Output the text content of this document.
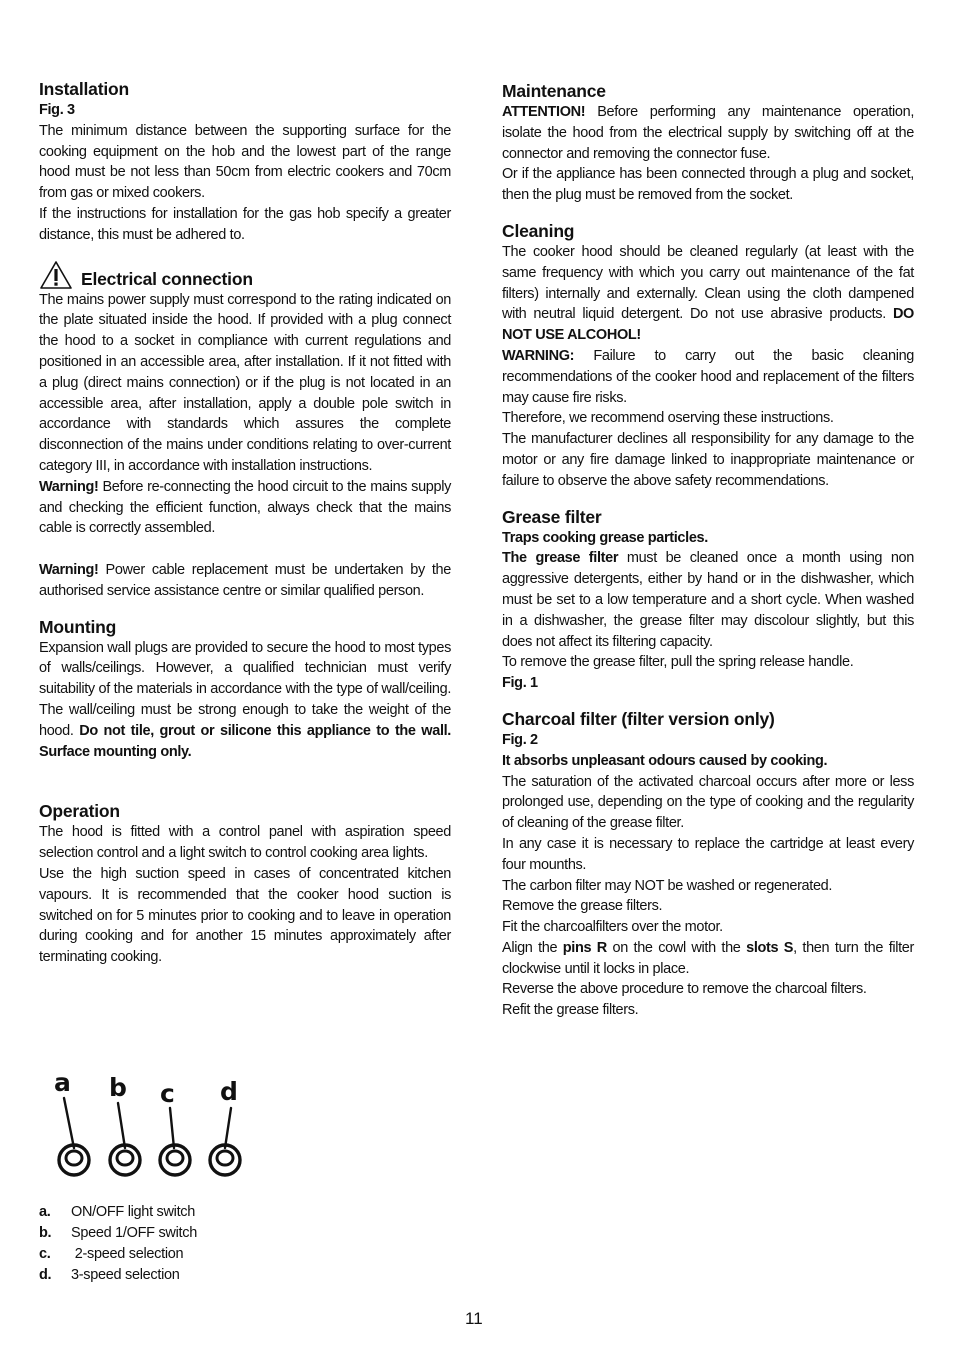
Installation
Fig. 3

The minimum distance between the supporting surface for the cooking equipment on the hob and the lowest part of the range hood must be not less than 50cm from electric cookers and 70cm from gas or mixed cookers.

If the instructions for installation for the gas hob specify a greater distance, this must be adhered to.

Electrical connection

The mains power supply must correspond to the rating indicated on the plate situated inside the hood. If provided with a plug connect the hood to a socket in compliance with current regulations and positioned in an accessible area, after installation. If it not fitted with a plug (direct mains connection) or if the plug is not located in an accessible area, after installation, apply a double pole switch in accordance with standards which assures the complete disconnection of the mains under conditions relating to over-current category III, in accordance with installation instructions.

Warning! Before re-connecting the hood circuit to the mains supply and checking the efficient function, always check that the mains cable is correctly assembled.

Warning! Power cable replacement must be undertaken by the authorised service assistance centre or similar qualified person.

Mounting

Expansion wall plugs are provided to secure the hood to most types of walls/ceilings. However, a qualified technician must verify suitability of the materials in accordance with the type of wall/ceiling. The wall/ceiling must be strong enough to take the weight of the hood. Do not tile, grout or silicone this appliance to the wall. Surface mounting only.

Operation

The hood is fitted with a control panel with aspiration speed selection control and a light switch to control cooking area lights.

Use the high suction speed in cases of concentrated kitchen vapours. It is recommended that the cooker hood suction is switched on for 5 minutes prior to cooking and to leave in operation during cooking and for another 15 minutes approximately after terminating cooking.

a b c d
a.	ON/OFF light switch
b.	Speed 1/OFF switch
c.	2-speed selection
d.	3-speed selection
Maintenance

ATTENTION! Before performing any maintenance operation, isolate the hood from the electrical supply by switching off at the connector and removing the connector fuse.

Or if the appliance has been connected through a plug and socket, then the plug must be removed from the socket.

Cleaning

The cooker hood should be cleaned regularly (at least with the same frequency with which you carry out maintenance of the fat filters) internally and externally. Clean using the cloth dampened with neutral liquid detergent. Do not use abrasive products. DO NOT USE ALCOHOL!

WARNING: Failure to carry out the basic cleaning recommendations of the cooker hood and replacement of the filters may cause fire risks.

Therefore, we recommend oserving these instructions.

The manufacturer declines all responsibility for any damage to the motor or any fire damage linked to inappropriate maintenance or failure to observe the above safety recommendations.

Grease filter
Traps cooking grease particles.

The grease filter must be cleaned once a month using non aggressive detergents, either by hand or in the dishwasher, which must be set to a low temperature and a short cycle. When washed in a dishwasher, the grease filter may discolour slightly, but this does not affect its filtering capacity.

To remove the grease filter, pull the spring release handle.

Fig. 1
Charcoal filter (filter version only)
Fig. 2
It absorbs unpleasant odours caused by cooking.

The saturation of the activated charcoal occurs after more or less prolonged use, depending on the type of cooking and the regularity of cleaning of the grease filter.

In any case it is necessary to replace the cartridge at least every four mounths.

The carbon filter may NOT be washed or regenerated.

Remove the grease filters.

Fit the charcoalfilters over the motor.

Align the pins R on the cowl with the slots S, then turn the filter clockwise until it locks in place.

Reverse the above procedure to remove the charcoal filters.

Refit the grease filters.

11
